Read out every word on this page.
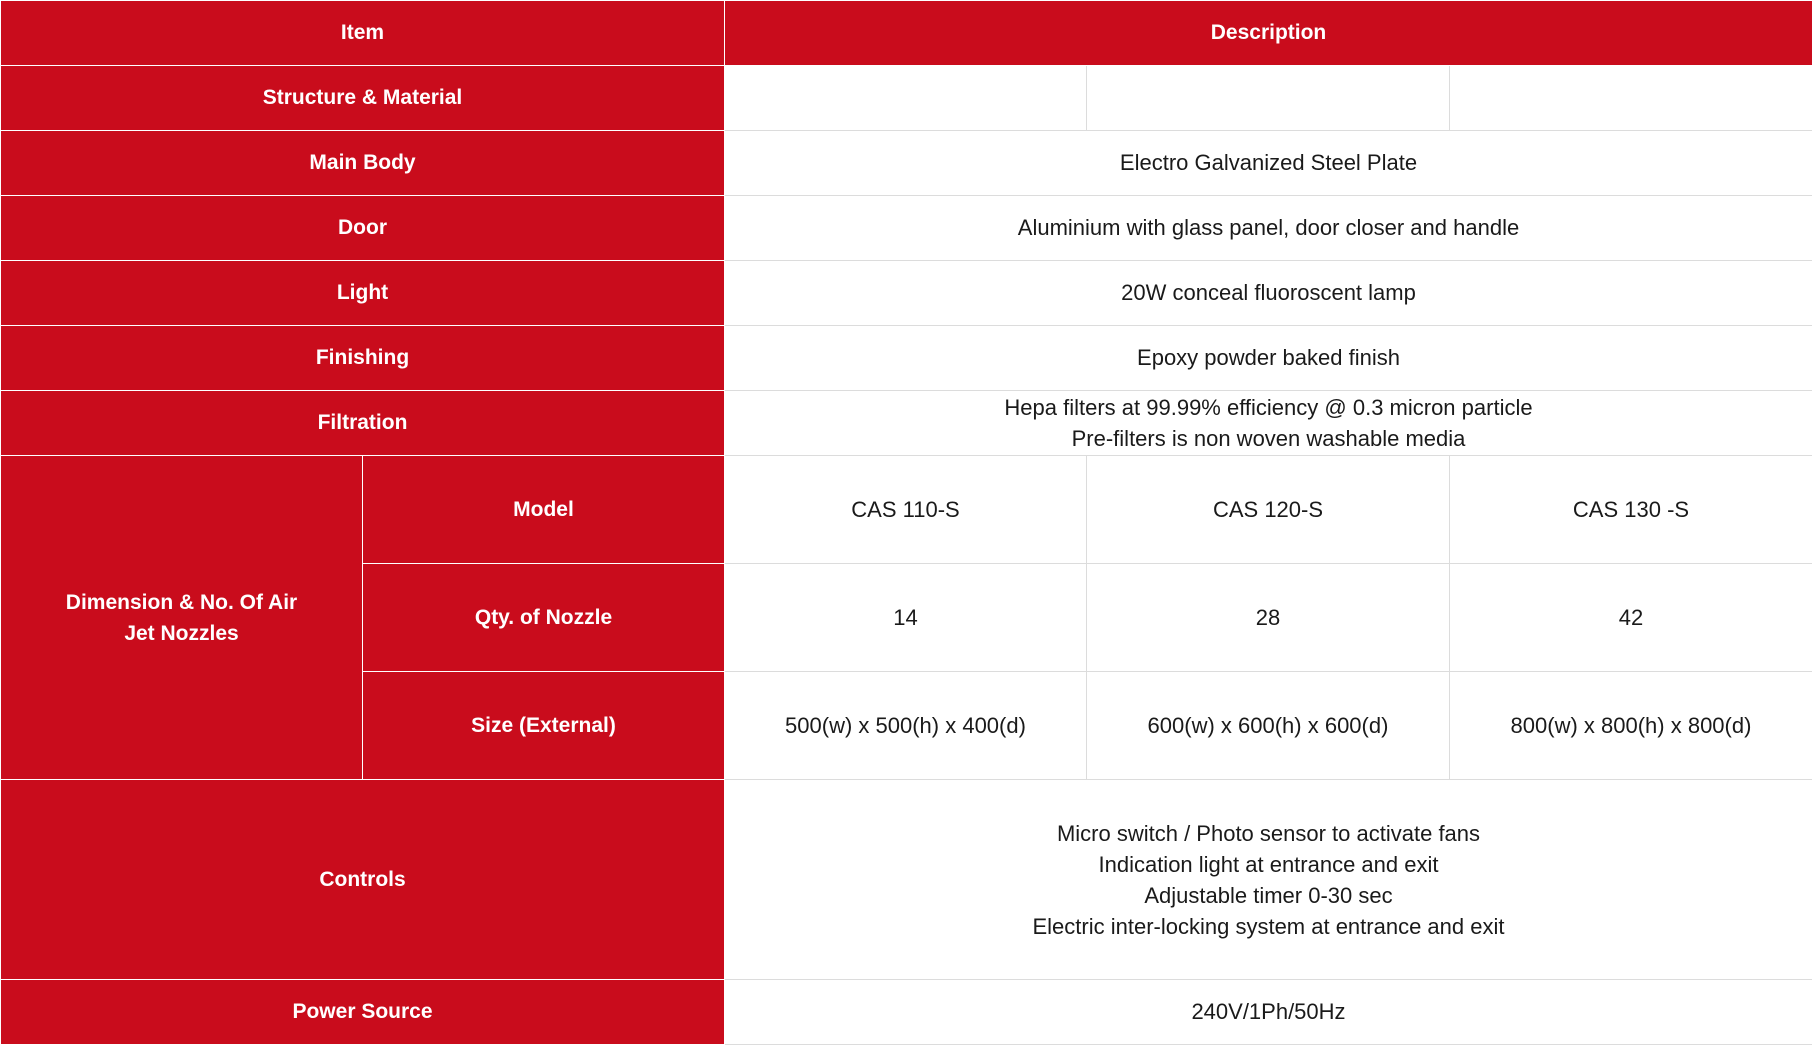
Item		Description		
Structure & Material				
Main Body		Electro Galvanized Steel Plate		
Door		Aluminium with glass panel, door closer and handle		
Light		20W conceal fluoroscent lamp		
Finishing		Epoxy powder baked finish		
Filtration		Hepa filters at 99.99% efficiency @ 0.3 micron particle
Pre-filters is non woven washable media		

Dimension & No. Of Air
Jet Nozzles	Model	CAS 110-S	CAS 120-S	CAS 130 -S
	Qty. of Nozzle	14	28	42
	Size (External)	500(w) x 500(h) x 400(d)	600(w) x 600(h) x 600(d)	800(w) x 800(h) x 800(d)
Controls		Micro switch / Photo sensor to activate fans
Indication light at entrance and exit
Adjustable timer 0-30 sec
Electric inter-locking system at entrance and exit		

Power Source		240V/1Ph/50Hz		
